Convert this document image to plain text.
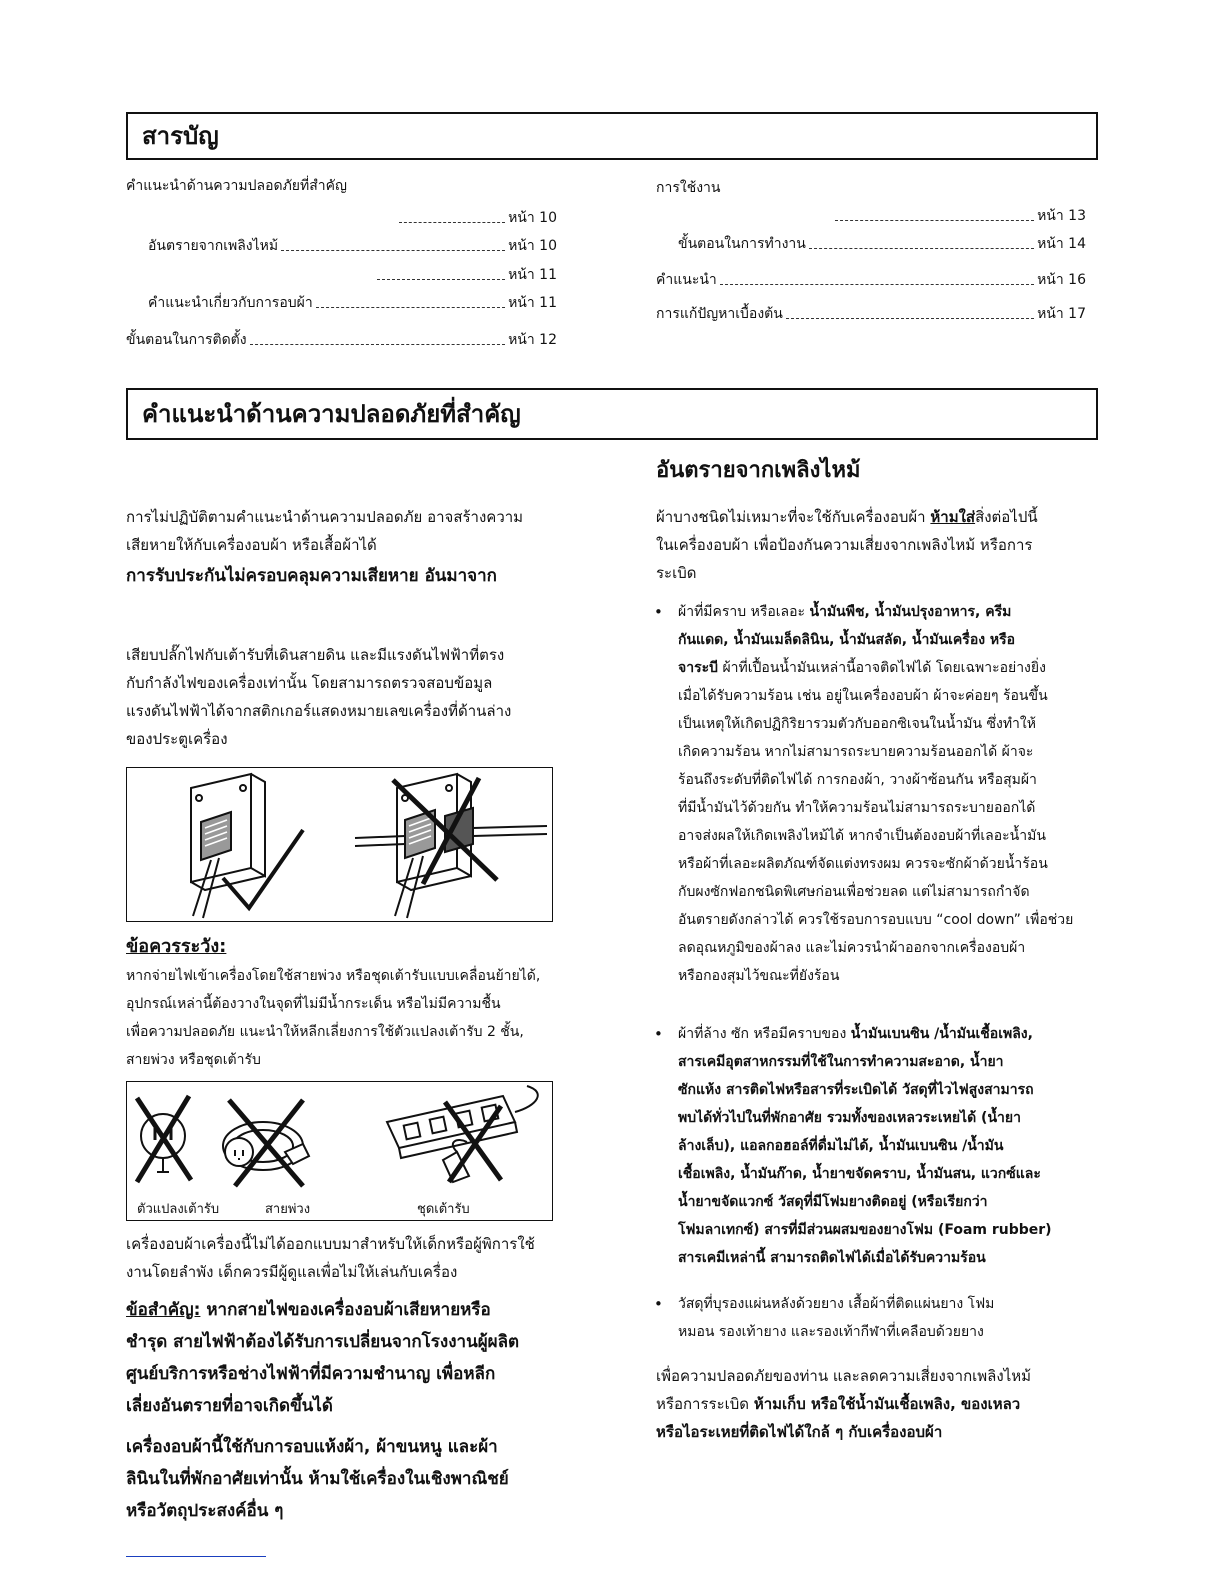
สารบัญ
คำแนะนำด้านความปลอดภัยที่สำคัญ
หน้า 10
อันตรายจากเพลิงไหม้	หน้า 10
หน้า 11
คำแนะนำเกี่ยวกับการอบผ้า	หน้า 11
ขั้นตอนในการติดตั้ง	หน้า 12
การใช้งาน
หน้า 13
ขั้นตอนในการทำงาน	หน้า 14
คำแนะนำ	หน้า 16
การแก้ปัญหาเบื้องต้น	หน้า 17
คำแนะนำด้านความปลอดภัยที่สำคัญ
การไม่ปฏิบัติตามคำแนะนำด้านความปลอดภัย อาจสร้างความ
เสียหายให้กับเครื่องอบผ้า หรือเสื้อผ้าได้
การรับประกันไม่ครอบคลุมความเสียหาย อันมาจาก
เสียบปลั๊กไฟกับเต้ารับที่เดินสายดิน และมีแรงดันไฟฟ้าที่ตรง
กับกำลังไฟของเครื่องเท่านั้น โดยสามารถตรวจสอบข้อมูล
แรงดันไฟฟ้าได้จากสติกเกอร์แสดงหมายเลขเครื่องที่ด้านล่าง
ของประตูเครื่อง
ข้อควรระวัง:
หากจ่ายไฟเข้าเครื่องโดยใช้สายพ่วง หรือชุดเต้ารับแบบเคลื่อนย้ายได้,
อุปกรณ์เหล่านี้ต้องวางในจุดที่ไม่มีน้ำกระเด็น หรือไม่มีความชื้น
เพื่อความปลอดภัย แนะนำให้หลีกเลี่ยงการใช้ตัวแปลงเต้ารับ 2 ชั้น,
สายพ่วง หรือชุดเต้ารับ
ตัวแปลงเต้ารับ	สายพ่วง	ชุดเต้ารับ
เครื่องอบผ้าเครื่องนี้ไม่ได้ออกแบบมาสำหรับให้เด็กหรือผู้พิการใช้
งานโดยลำพัง เด็กควรมีผู้ดูแลเพื่อไม่ให้เล่นกับเครื่อง
ข้อสำคัญ: หากสายไฟของเครื่องอบผ้าเสียหายหรือ
ชำรุด สายไฟฟ้าต้องได้รับการเปลี่ยนจากโรงงานผู้ผลิต
ศูนย์บริการหรือช่างไฟฟ้าที่มีความชำนาญ เพื่อหลีก
เลี่ยงอันตรายที่อาจเกิดขึ้นได้
เครื่องอบผ้านี้ใช้กับการอบแห้งผ้า, ผ้าขนหนู และผ้า
ลินินในที่พักอาศัยเท่านั้น ห้ามใช้เครื่องในเชิงพาณิชย์
หรือวัตถุประสงค์อื่น ๆ
อันตรายจากเพลิงไหม้
ผ้าบางชนิดไม่เหมาะที่จะใช้กับเครื่องอบผ้า ห้ามใส่สิ่งต่อไปนี้
ในเครื่องอบผ้า เพื่อป้องกันความเสี่ยงจากเพลิงไหม้ หรือการ
ระเบิด
• ผ้าที่มีคราบ หรือเลอะ น้ำมันพืช, น้ำมันปรุงอาหาร, ครีม
กันแดด, น้ำมันเมล็ดลินิน, น้ำมันสลัด, น้ำมันเครื่อง หรือ
จาระบี ผ้าที่เปื้อนน้ำมันเหล่านี้อาจติดไฟได้ โดยเฉพาะอย่างยิ่ง
เมื่อได้รับความร้อน เช่น อยู่ในเครื่องอบผ้า ผ้าจะค่อยๆ ร้อนขึ้น
เป็นเหตุให้เกิดปฏิกิริยารวมตัวกับออกซิเจนในน้ำมัน ซึ่งทำให้
เกิดความร้อน หากไม่สามารถระบายความร้อนออกได้ ผ้าจะ
ร้อนถึงระดับที่ติดไฟได้ การกองผ้า, วางผ้าซ้อนกัน หรือสุมผ้า
ที่มีน้ำมันไว้ด้วยกัน ทำให้ความร้อนไม่สามารถระบายออกได้
อาจส่งผลให้เกิดเพลิงไหม้ได้ หากจำเป็นต้องอบผ้าที่เลอะน้ำมัน
หรือผ้าที่เลอะผลิตภัณฑ์จัดแต่งทรงผม ควรจะซักผ้าด้วยน้ำร้อน
กับผงซักฟอกชนิดพิเศษก่อนเพื่อช่วยลด แต่ไม่สามารถกำจัด
อันตรายดังกล่าวได้ ควรใช้รอบการอบแบบ “cool down” เพื่อช่วย
ลดอุณหภูมิของผ้าลง และไม่ควรนำผ้าออกจากเครื่องอบผ้า
หรือกองสุมไว้ขณะที่ยังร้อน
• ผ้าที่ล้าง ซัก หรือมีคราบของ น้ำมันเบนซิน /น้ำมันเชื้อเพลิง,
สารเคมีอุตสาหกรรมที่ใช้ในการทำความสะอาด, น้ำยา
ซักแห้ง สารติดไฟหรือสารที่ระเบิดได้ วัสดุที่ไวไฟสูงสามารถ
พบได้ทั่วไปในที่พักอาศัย รวมทั้งของเหลวระเหยได้ (น้ำยา
ล้างเล็บ), แอลกอฮอล์ที่ดื่มไม่ได้, น้ำมันเบนซิน /น้ำมัน
เชื้อเพลิง, น้ำมันก๊าด, น้ำยาขจัดคราบ, น้ำมันสน, แวกซ์และ
น้ำยาขจัดแวกซ์ วัสดุที่มีโฟมยางติดอยู่ (หรือเรียกว่า
โฟมลาเทกซ์) สารที่มีส่วนผสมของยางโฟม (Foam rubber)
สารเคมีเหล่านี้ สามารถติดไฟได้เมื่อได้รับความร้อน
• วัสดุที่บุรองแผ่นหลังด้วยยาง เสื้อผ้าที่ติดแผ่นยาง โฟม
หมอน รองเท้ายาง และรองเท้ากีฬาที่เคลือบด้วยยาง
เพื่อความปลอดภัยของท่าน และลดความเสี่ยงจากเพลิงไหม้
หรือการระเบิด ห้ามเก็บ หรือใช้น้ำมันเชื้อเพลิง, ของเหลว
หรือไอระเหยที่ติดไฟได้ใกล้ ๆ กับเครื่องอบผ้า
